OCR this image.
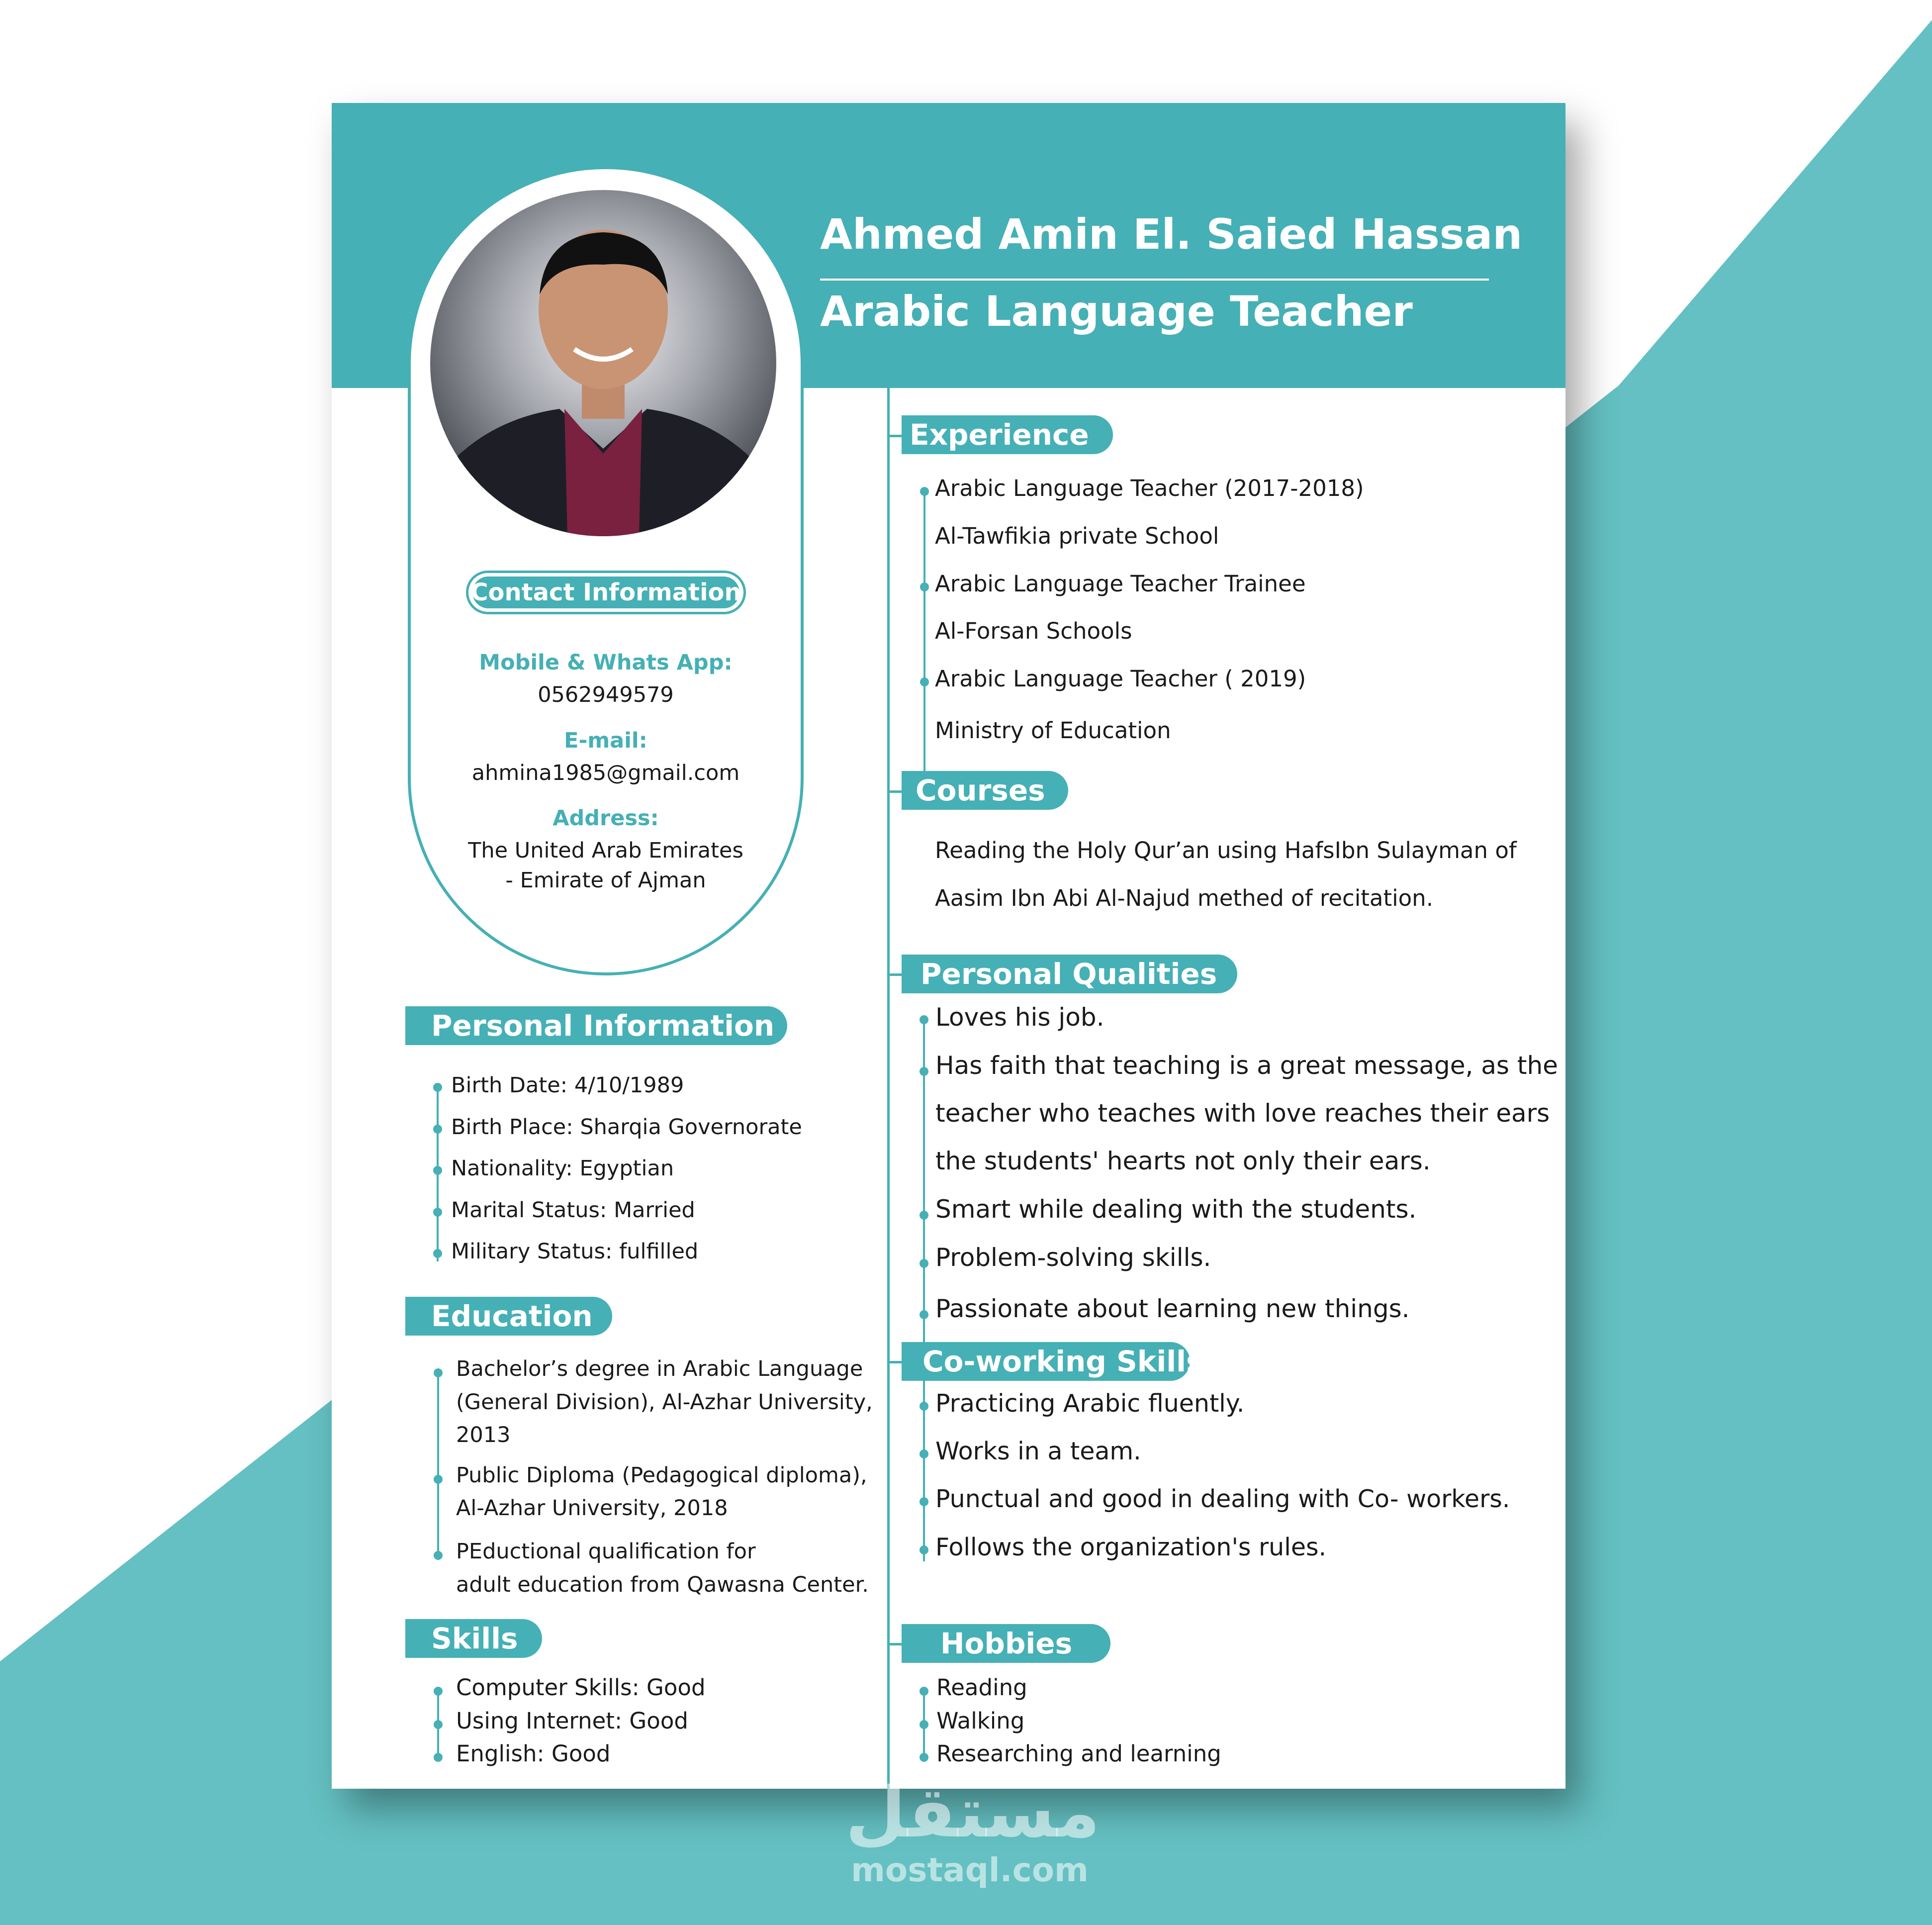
Ahmed Amin El. Saied Hassan
Arabic Language Teacher
Contact Information
Mobile & Whats App:
0562949579
E-mail:
ahmina1985@gmail.com
Address:
The United Arab Emirates
- Emirate of Ajman
Personal Information
Birth Date: 4/10/1989
Birth Place: Sharqia Governorate
Nationality: Egyptian
Marital Status: Married
Military Status: fulfilled
Education
Bachelor’s degree in Arabic Language
(General Division), Al-Azhar University,
2013
Public Diploma (Pedagogical diploma),
Al-Azhar University, 2018
PEductional qualification for
adult education from Qawasna Center.
Skills
Computer Skills: Good
Using Internet: Good
English: Good
Experience
Arabic Language Teacher (2017-2018)
Al-Tawfikia private School
Arabic Language Teacher Trainee
Al-Forsan Schools
Arabic Language Teacher ( 2019)
Ministry of Education
Courses
Reading the Holy Qur’an using HafsIbn Sulayman of
Aasim Ibn Abi Al-Najud methed of recitation.
Personal Qualities
Loves his job.
Has faith that teaching is a great message, as the
teacher who teaches with love reaches their ears
the students' hearts not only their ears.
Smart while dealing with the students.
Problem-solving skills.
Passionate about learning new things.
Co-working Skills
Practicing Arabic fluently.
Works in a team.
Punctual and good in dealing with Co- workers.
Follows the organization's rules.
Hobbies
Reading
Walking
Researching and learning
مستقل
mostaql.com
